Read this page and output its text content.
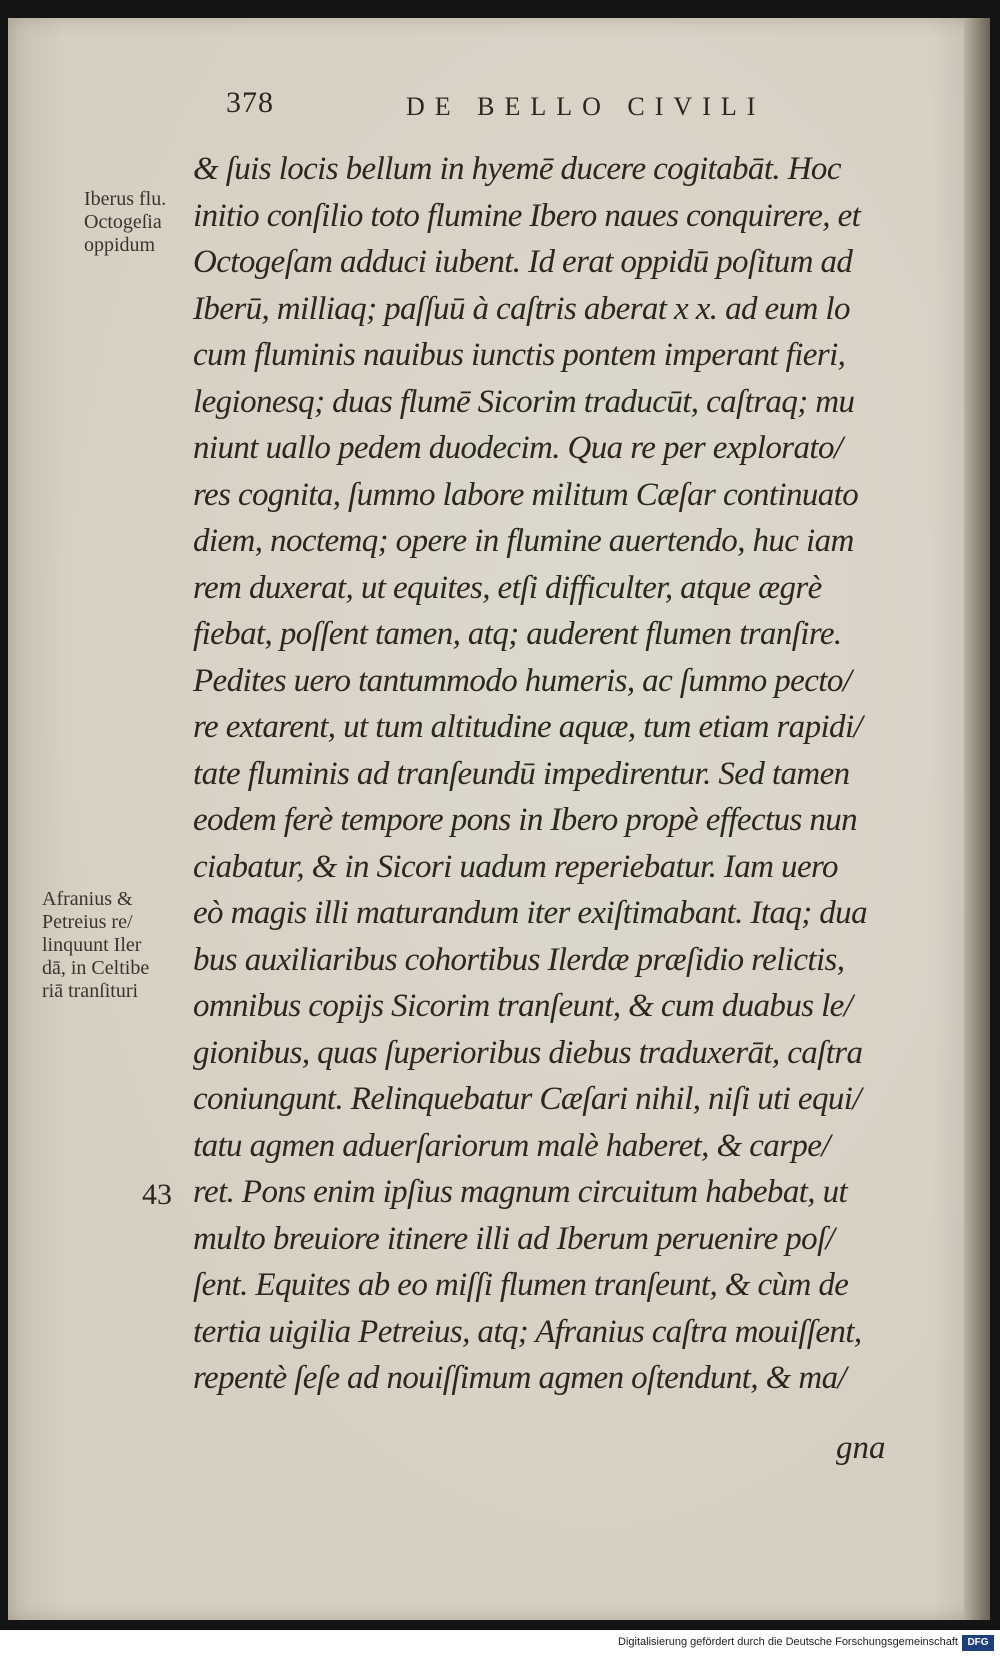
378	DE BELLO CIVILI
Iberus flu.
Octogeſia
oppidum
Afranius &
Petreius re/
linquunt Iler
dā, in Celtibe
riā tranſituri
43
& ſuis locis bellum in hyemē ducere cogitabāt. Hoc
initio conſilio toto flumine Ibero naues conquirere, et
Octogeſam adduci iubent. Id erat oppidū poſitum ad
Iberū, milliaq; paſſuū à caſtris aberat x x. ad eum lo
cum fluminis nauibus iunctis pontem imperant fieri,
legionesq; duas flumē Sicorim traducūt, caſtraq; mu
niunt uallo pedem duodecim. Qua re per explorato/
res cognita, ſummo labore militum Cæſar continuato
diem, noctemq; opere in flumine auertendo, huc iam
rem duxerat, ut equites, etſi difficulter, atque ægrè
fiebat, poſſent tamen, atq; auderent flumen tranſire.
Pedites uero tantummodo humeris, ac ſummo pecto/
re extarent, ut tum altitudine aquæ, tum etiam rapidi/
tate fluminis ad tranſeundū impedirentur. Sed tamen
eodem ferè tempore pons in Ibero propè effectus nun
ciabatur, & in Sicori uadum reperiebatur. Iam uero
eò magis illi maturandum iter exiſtimabant. Itaq; dua
bus auxiliaribus cohortibus Ilerdæ præſidio relictis,
omnibus copijs Sicorim tranſeunt, & cum duabus le/
gionibus, quas ſuperioribus diebus traduxerāt, caſtra
coniungunt. Relinquebatur Cæſari nihil, niſi uti equi/
tatu agmen aduerſariorum malè haberet, & carpe/
ret. Pons enim ipſius magnum circuitum habebat, ut
multo breuiore itinere illi ad Iberum peruenire poſ/
ſent. Equites ab eo miſſi flumen tranſeunt, & cùm de
tertia uigilia Petreius, atq; Afranius caſtra mouiſſent,
repentè ſeſe ad nouiſſimum agmen oſtendunt, & ma/
gna
Digitalisierung gefördert durch die Deutsche Forschungsgemeinschaft DFG
